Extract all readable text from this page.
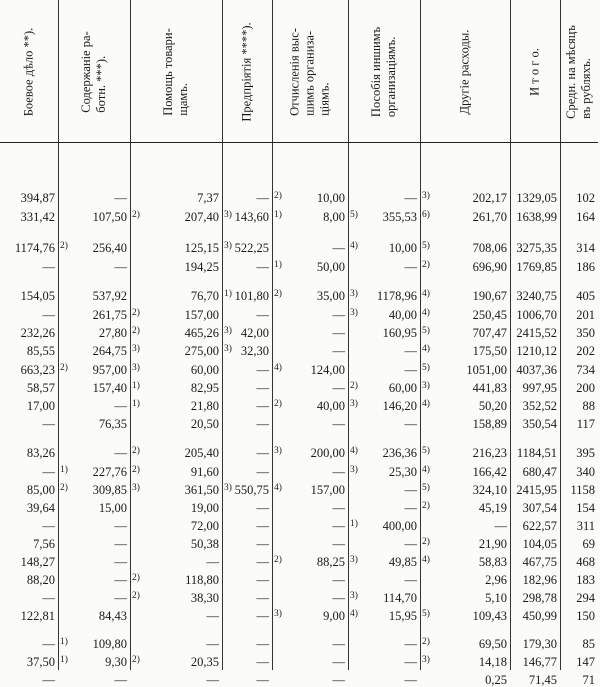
Боевое дѣло **).	Содержаніе ра-
ботн. ***).
Помощь товари-
щамъ.	Предпріятія ****).	Отчисленія выс-
шимъ организа-
ціямъ.	Пособія иншимъ
организаціямъ.	Другіе расходы.	И т о г о.
Средн. на мѣсяцъ
въ рубляхъ.
394,87	—	7,37	— 2)	10,00	— 3)	202,17 1329,05 102
331,42	107,50 2)	207,40 3) 143,60 1)	8,00 5) 355,53 6)	261,70 1638,99 164
1174,76 2) 256,40	125,15 3) 522,25	— 4) 10,00 5)	708,06 3275,35 314
—	—	194,25	— 1)	50,00	— 2)	696,90 1769,85 186
154,05	537,92	76,70 1) 101,80 2)	35,00 3) 1178,96 4)	190,67 3240,75 405
—	261,75 2)	157,00	—	— 3) 40,00 4)	250,45 1006,70 201
232,26	27,80 2)	465,26 3) 42,00	—	160,95 5)	707,47 2415,52 350
85,55	264,75 3)	275,00 3) 32,30	—	— 4)	175,50 1210,12 202
663,23 2) 957,00 3)	60,00	— 4) 124,00	— 5)	1051,00 4037,36 734
58,57	157,40 1)	82,95	—	— 2) 60,00 3)	441,83 997,95 200
17,00	— 1)	21,80	— 2)	40,00 3) 146,20 4)	50,20 352,52 88
—	76,35	20,50	—	—	—	158,89 350,54 117
83,26	— 2)	205,40	— 3) 200,00 4) 236,36 5)	216,23 1184,51 395
— 1) 227,76 2)	91,60	—	— 3) 25,30 4)	166,42 680,47 340
85,00 2) 309,85 3)	361,50 3) 550,75 4) 157,00	— 5)	324,10 2415,95 1158
39,64	15,00	19,00	—	—	— 2)	45,19 307,54 154
—	—	72,00	—	— 1) 400,00	— 622,57 311
7,56	—	50,38	—	—	— 2)	21,90 104,05 69
148,27	—	—	— 2)	88,25 3) 49,85 4)	58,83 467,75 468
88,20	— 2)	118,80	—	—	—	2,96 182,96 183
—	— 2)	38,30	—	— 3) 114,70	5,10 298,78 294
122,81	84,43	—	— 3)	9,00 4) 15,95 5)	109,43 450,99 150
— 1) 109,80	—	—	—	— 2)	69,50 179,30 85
37,50 1)	9,30 2)	20,35	—	—	— 3)	14,18 146,77 147
—	—	—	—	—	—	0,25 71,45 71
